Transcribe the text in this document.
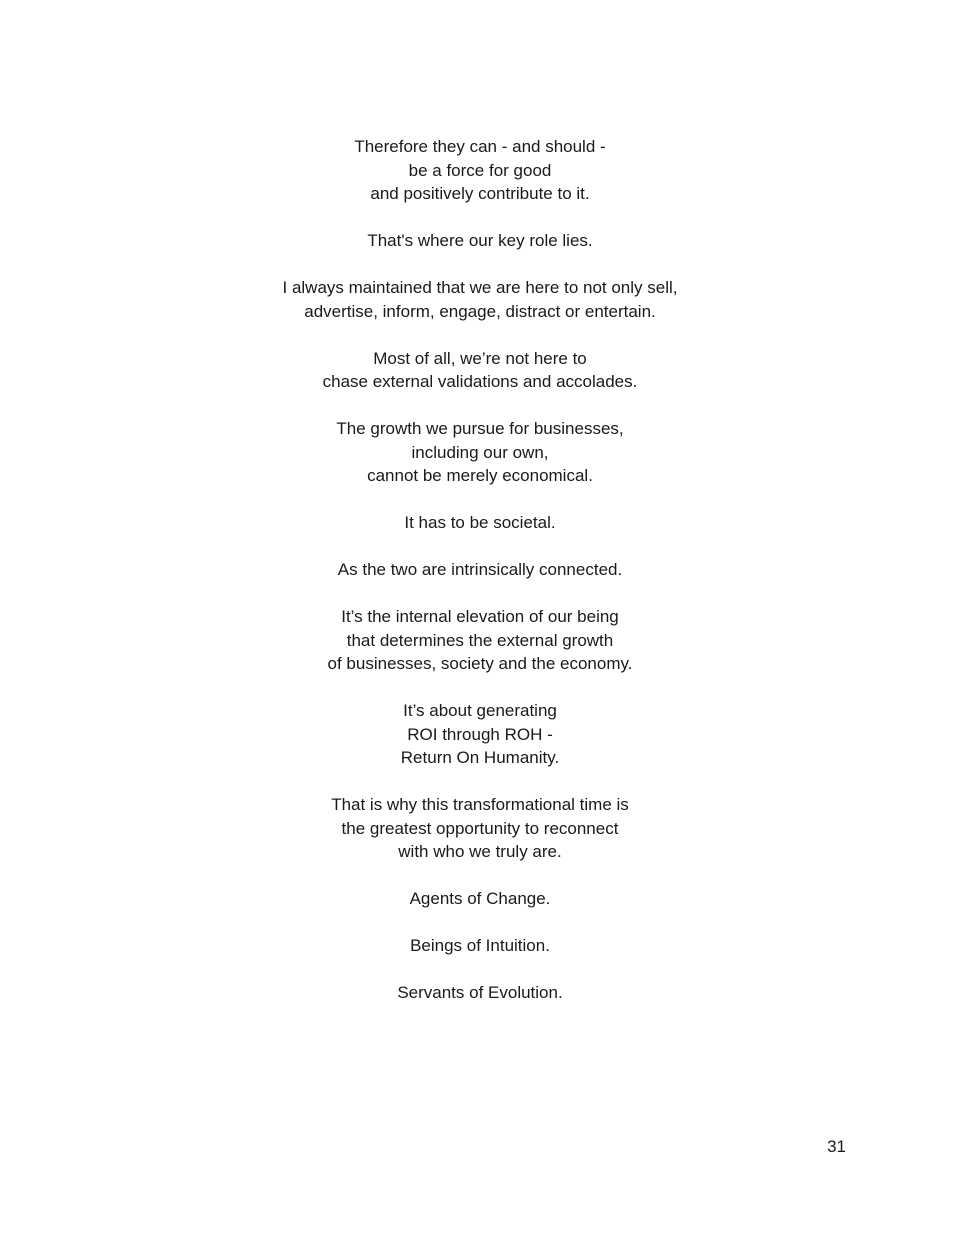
Therefore they can - and should -
be a force for good
and positively contribute to it.

That's where our key role lies.

I always maintained that we are here to not only sell,
advertise, inform, engage, distract or entertain.

Most of all, we’re not here to
chase external validations and accolades.

The growth we pursue for businesses,
including our own,
cannot be merely economical.

It has to be societal.

As the two are intrinsically connected.

It’s the internal elevation of our being
that determines the external growth
of businesses, society and the economy.

It’s about generating
ROI through ROH -
Return On Humanity.

That is why this transformational time is
the greatest opportunity to reconnect
with who we truly are.

Agents of Change.

Beings of Intuition.

Servants of Evolution.

31
